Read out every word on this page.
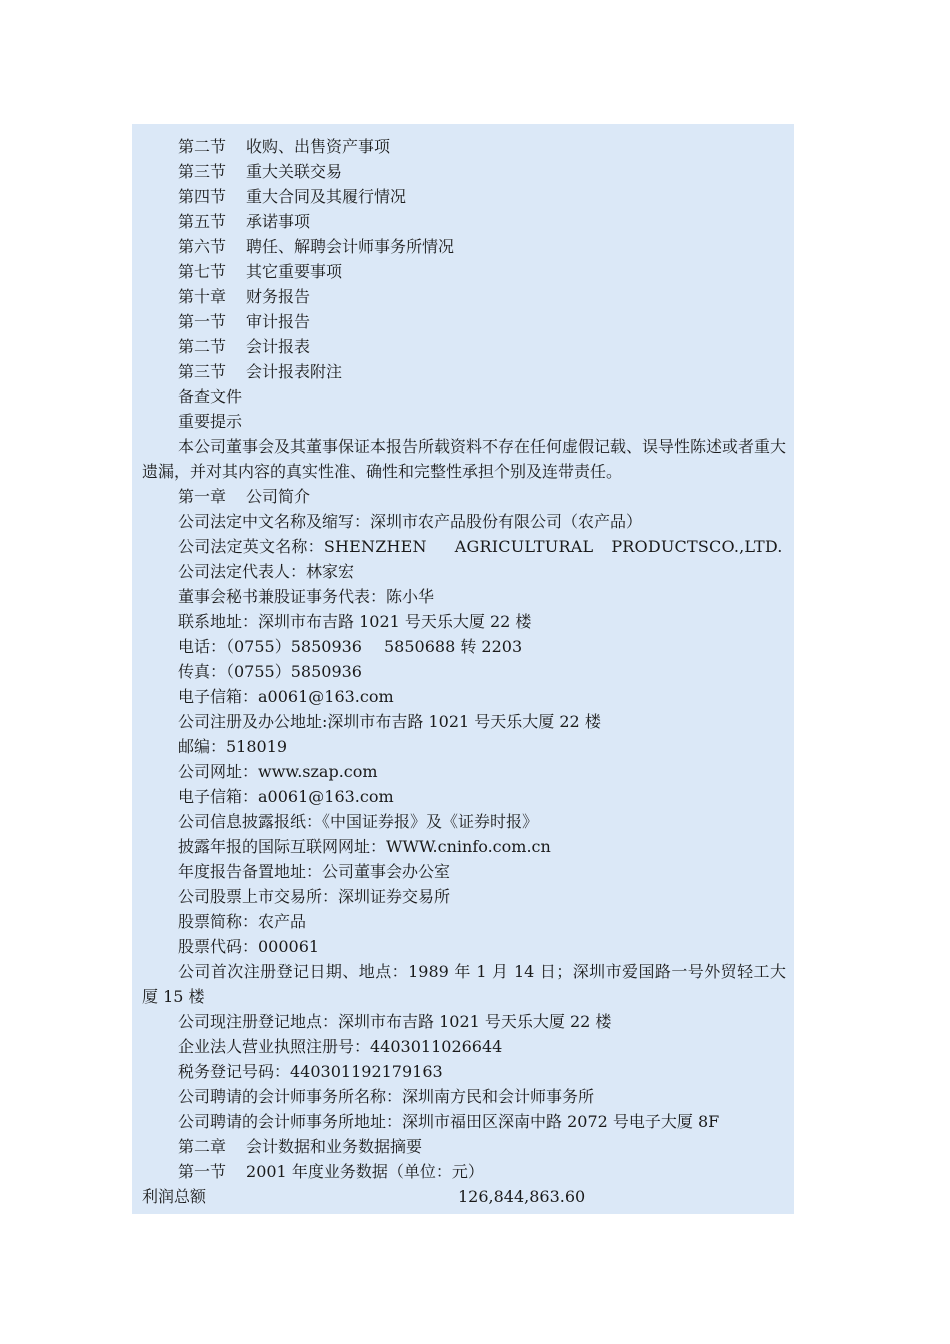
第二节 收购、出售资产事项
第三节 重大关联交易
第四节 重大合同及其履行情况
第五节 承诺事项
第六节 聘任、解聘会计师事务所情况
第七节 其它重要事项
第十章 财务报告
第一节 审计报告
第二节 会计报表
第三节 会计报表附注
备查文件
重要提示
本公司董事会及其董事保证本报告所载资料不存在任何虚假记载、误导性陈述或者重大遗漏，并对其内容的真实性准、确性和完整性承担个别及连带责任。
第一章 公司简介
公司法定中文名称及缩写：深圳市农产品股份有限公司（农产品）
公司法定英文名称：SHENZHEN AGRICULTURAL PRODUCTSCO.,LTD.
公司法定代表人：林家宏
董事会秘书兼股证事务代表：陈小华
联系地址：深圳市布吉路 1021 号天乐大厦 22 楼
电话：（0755）5850936 5850688 转 2203
传真：（0755）5850936
电子信箱：a0061@163.com
公司注册及办公地址:深圳市布吉路 1021 号天乐大厦 22 楼
邮编：518019
公司网址：www.szap.com
电子信箱：a0061@163.com
公司信息披露报纸：《中国证券报》及《证券时报》
披露年报的国际互联网网址：WWW.cninfo.com.cn
年度报告备置地址：公司董事会办公室
公司股票上市交易所：深圳证券交易所
股票简称：农产品
股票代码：000061
公司首次注册登记日期、地点：1989 年 1 月 14 日；深圳市爱国路一号外贸轻工大厦 15 楼
公司现注册登记地点：深圳市布吉路 1021 号天乐大厦 22 楼
企业法人营业执照注册号：4403011026644
税务登记号码：440301192179163
公司聘请的会计师事务所名称：深圳南方民和会计师事务所
公司聘请的会计师事务所地址：深圳市福田区深南中路 2072 号电子大厦 8F
第二章 会计数据和业务数据摘要
第一节 2001 年度业务数据（单位：元）
利润总额	126,844,863.60
